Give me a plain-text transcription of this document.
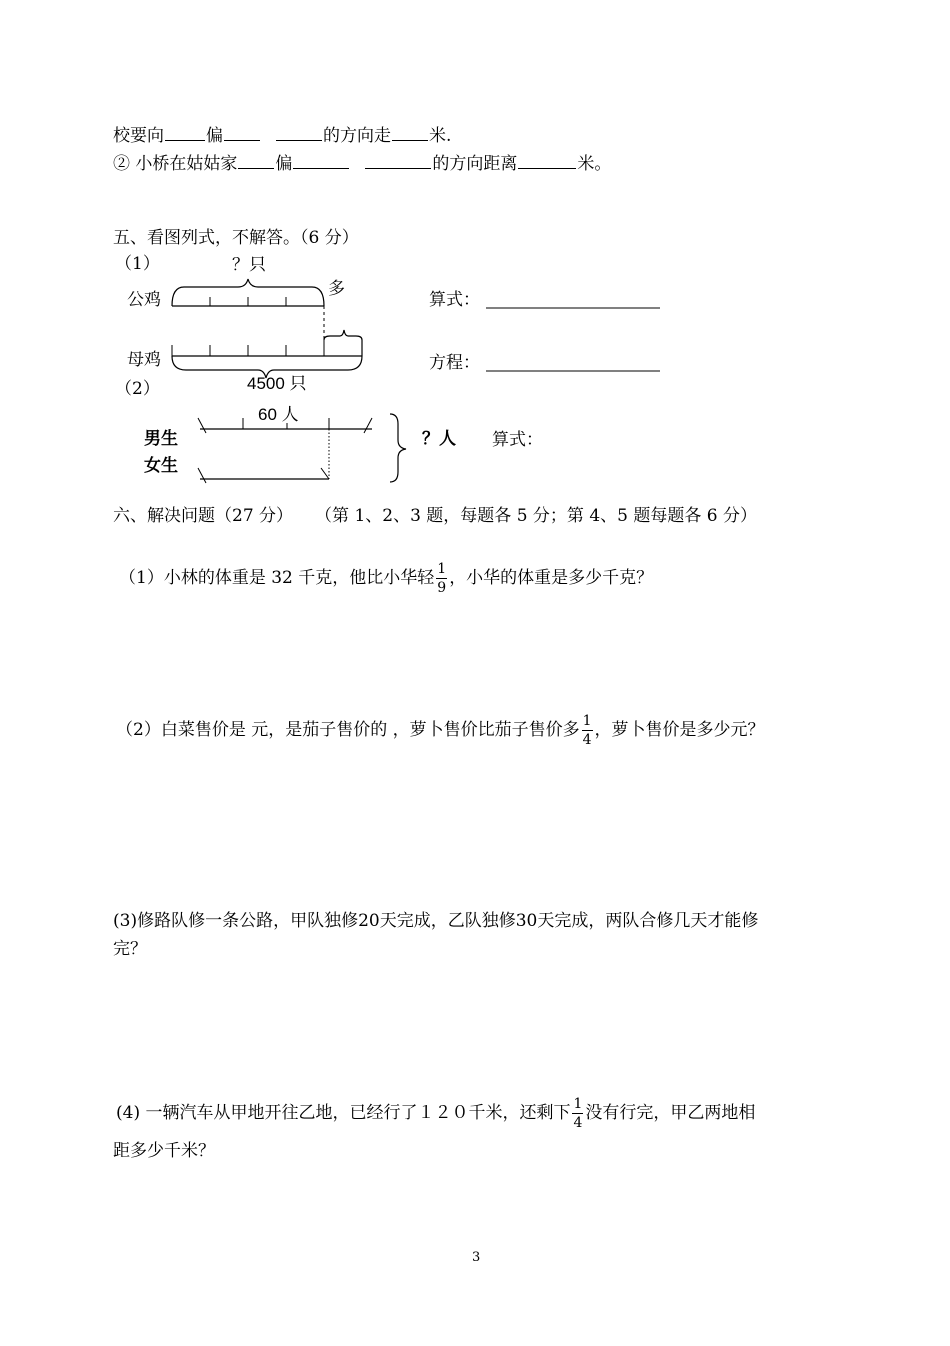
校要向 偏	的方向走 米.
② 小桥在姑姑家 偏	的方向距离	米。
五、看图列式，不解答。（6 分）
（1）	？只
公鸡
多
母鸡
4500 只
（2）
算式：
方程：
60 人
男生
女生
？人 算式：
六、解决问题（27 分） （第 1、2、3 题，每题各 5 分；第 4、5 题每题各 6 分）
（1）小林的体重是 32 千克，他比小华轻 $\frac{1}{9}$ ，小华的体重是多少千克？
（2）白菜售价是 元，是茄子售价的 ，萝卜售价比茄子售价多 $\frac{1}{4}$ ，萝卜售价是多少元？
(3)修路队修一条公路，甲队独修20天完成，乙队独修30天完成，两队合修几天才能修
完？
(4) 一辆汽车从甲地开往乙地，已经行了１２０千米，还剩下 $\frac{1}{4}$ 没有行完，甲乙两地相
距多少千米？
3
